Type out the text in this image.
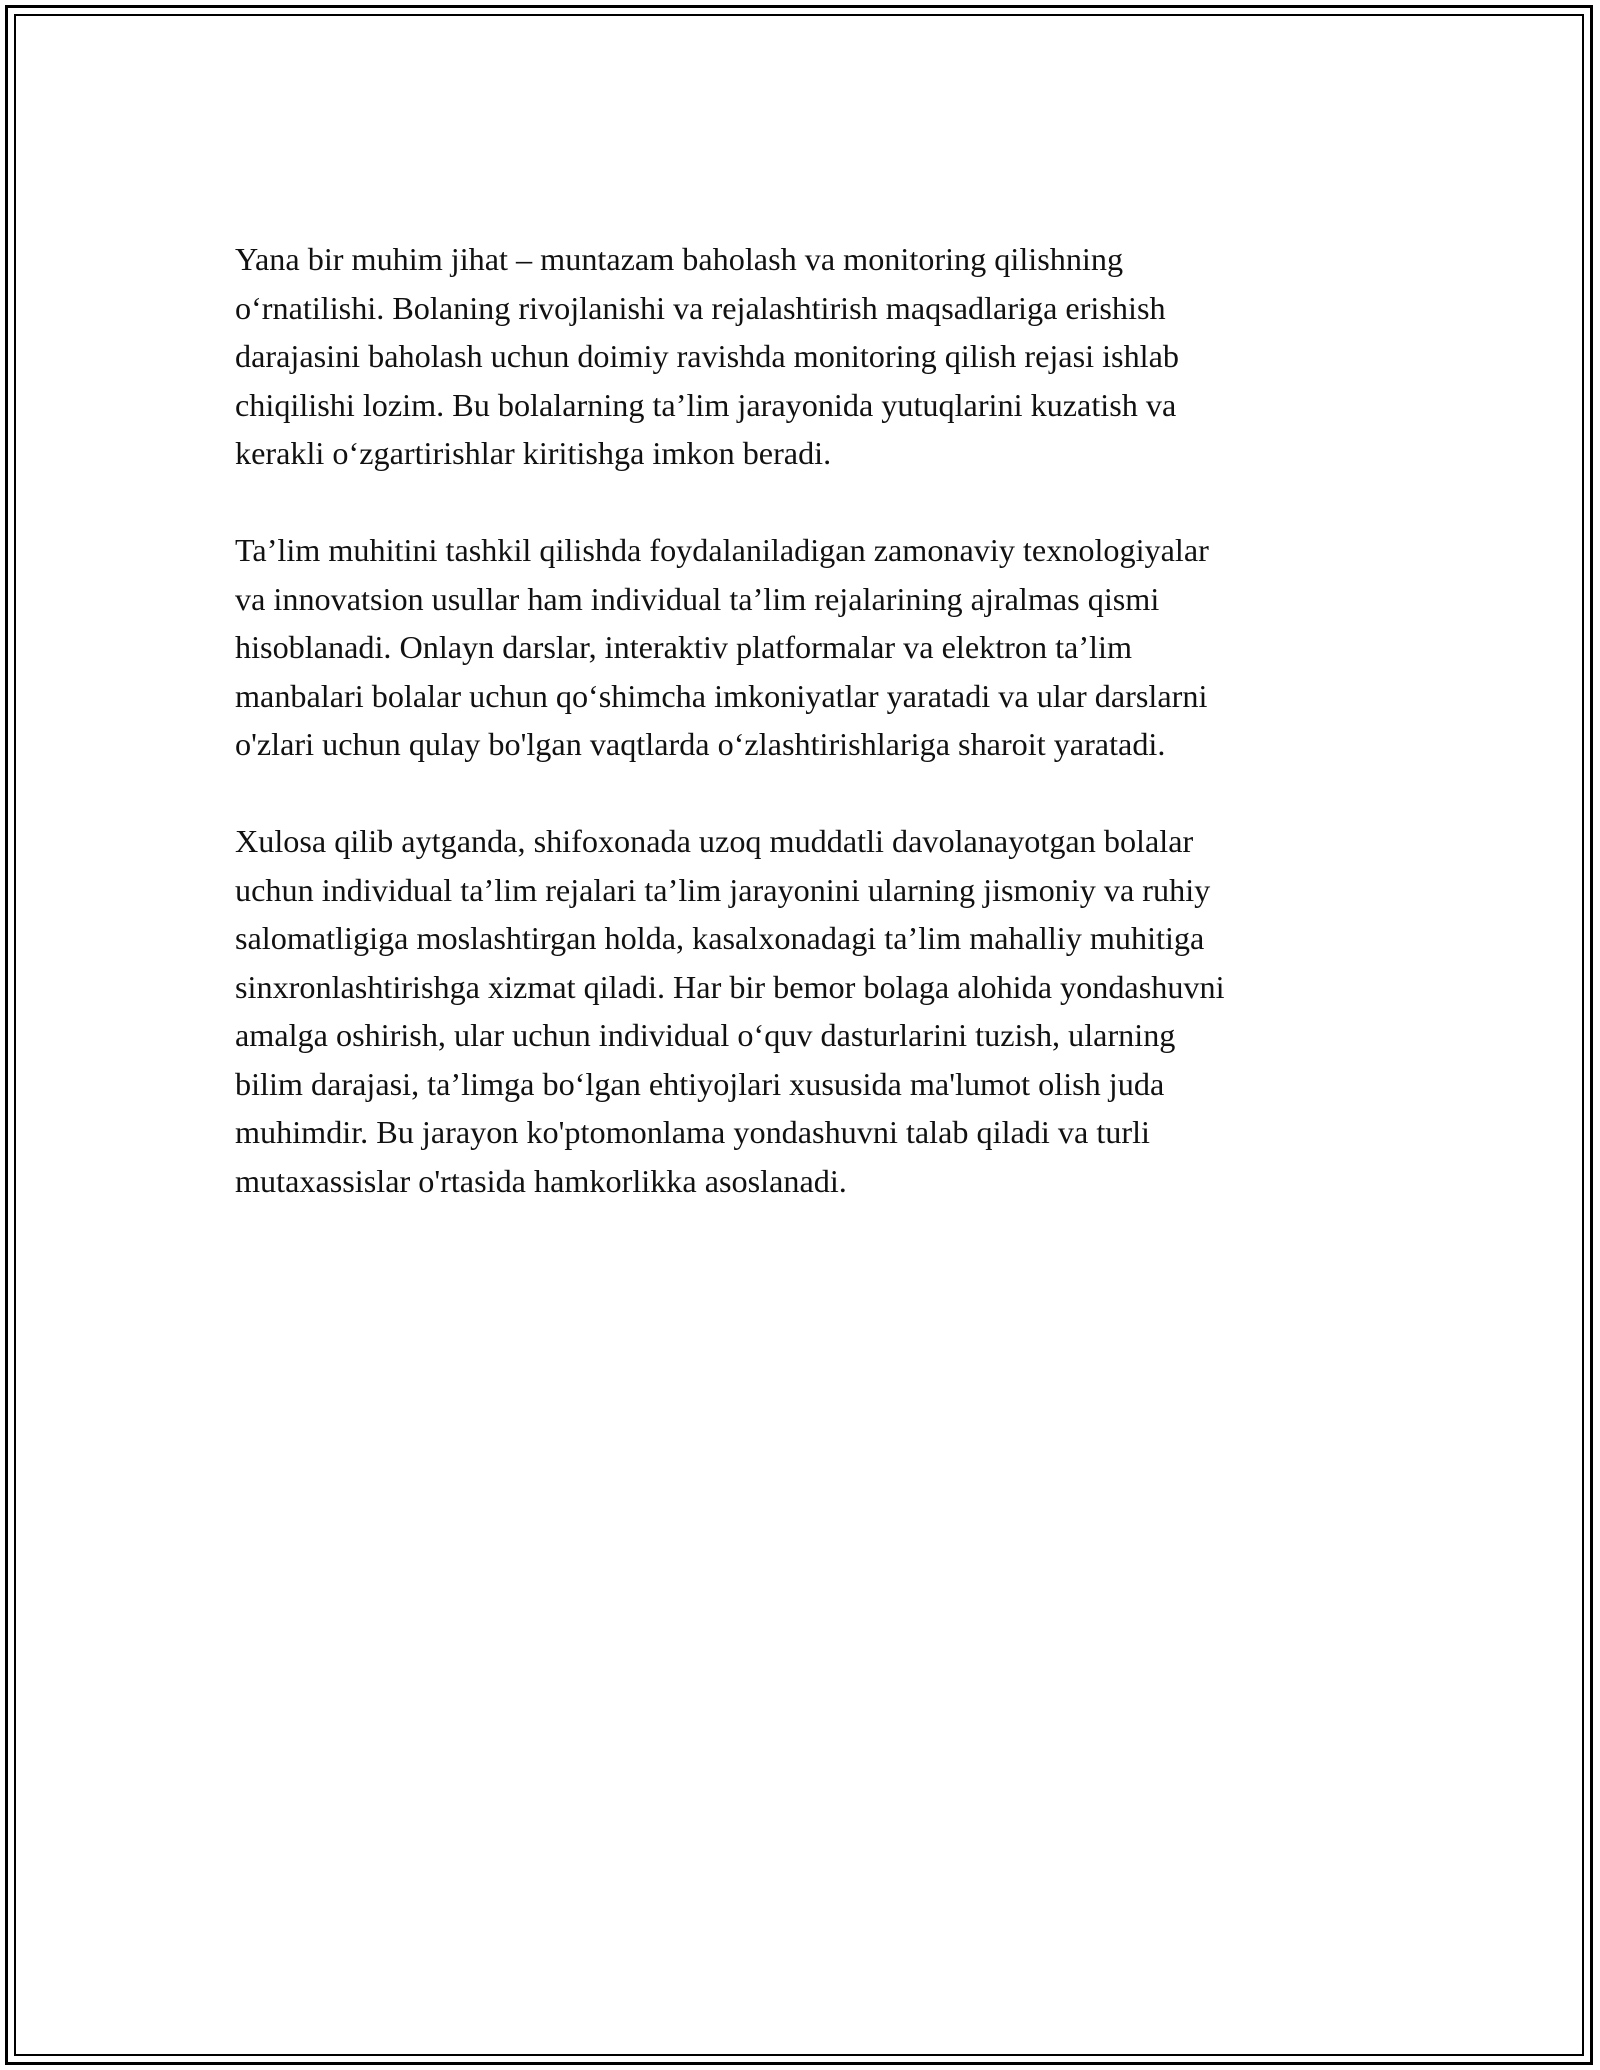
Yana bir muhim jihat – muntazam baholash va monitoring qilishning
o‘rnatilishi. Bolaning rivojlanishi va rejalashtirish maqsadlariga erishish
darajasini baholash uchun doimiy ravishda monitoring qilish rejasi ishlab
chiqilishi lozim. Bu bolalarning ta’lim jarayonida yutuqlarini kuzatish va
kerakli o‘zgartirishlar kiritishga imkon beradi.

Ta’lim muhitini tashkil qilishda foydalaniladigan zamonaviy texnologiyalar
va innovatsion usullar ham individual ta’lim rejalarining ajralmas qismi
hisoblanadi. Onlayn darslar, interaktiv platformalar va elektron ta’lim
manbalari bolalar uchun qo‘shimcha imkoniyatlar yaratadi va ular darslarni
o'zlari uchun qulay bo'lgan vaqtlarda o‘zlashtirishlariga sharoit yaratadi.

Xulosa qilib aytganda, shifoxonada uzoq muddatli davolanayotgan bolalar
uchun individual ta’lim rejalari ta’lim jarayonini ularning jismoniy va ruhiy
salomatligiga moslashtirgan holda, kasalxonadagi ta’lim mahalliy muhitiga
sinxronlashtirishga xizmat qiladi. Har bir bemor bolaga alohida yondashuvni
amalga oshirish, ular uchun individual o‘quv dasturlarini tuzish, ularning
bilim darajasi, ta’limga bo‘lgan ehtiyojlari xususida ma'lumot olish juda
muhimdir. Bu jarayon ko'ptomonlama yondashuvni talab qiladi va turli
mutaxassislar o'rtasida hamkorlikka asoslanadi.
